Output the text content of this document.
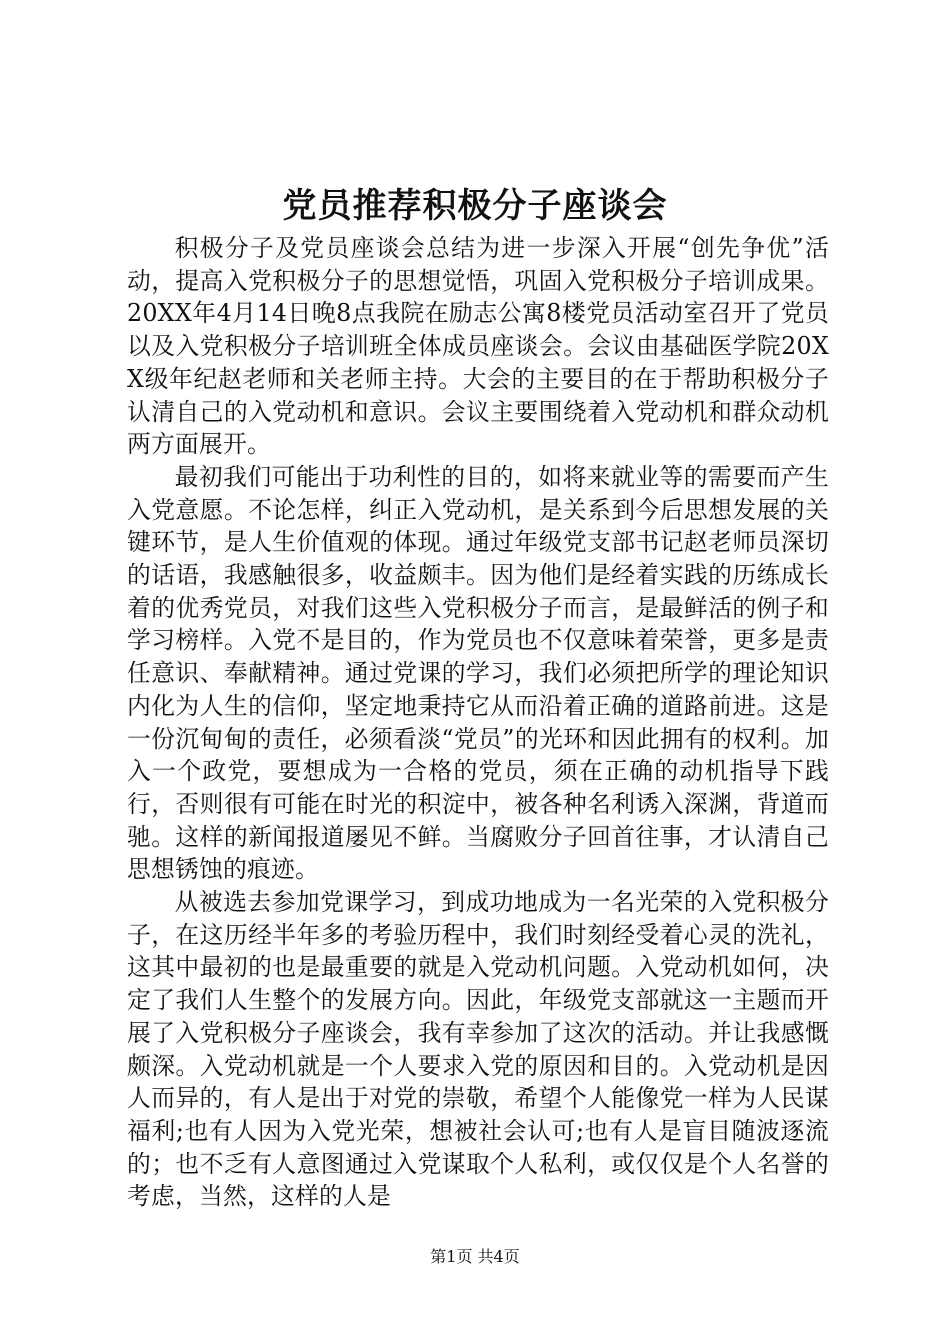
党员推荐积极分子座谈会

积极分子及党员座谈会总结为进一步深入开展“创先争优”活动，提高入党积极分子的思想觉悟，巩固入党积极分子培训成果。20XX年4月14日晚8点我院在励志公寓8楼党员活动室召开了党员以及入党积极分子培训班全体成员座谈会。会议由基础医学院20XX级年纪赵老师和关老师主持。大会的主要目的在于帮助积极分子认清自己的入党动机和意识。会议主要围绕着入党动机和群众动机两方面展开。

最初我们可能出于功利性的目的，如将来就业等的需要而产生入党意愿。不论怎样，纠正入党动机，是关系到今后思想发展的关键环节，是人生价值观的体现。通过年级党支部书记赵老师员深切的话语，我感触很多，收益颇丰。因为他们是经着实践的历练成长着的优秀党员，对我们这些入党积极分子而言，是最鲜活的例子和学习榜样。入党不是目的，作为党员也不仅意味着荣誉，更多是责任意识、奉献精神。通过党课的学习，我们必须把所学的理论知识内化为人生的信仰，坚定地秉持它从而沿着正确的道路前进。这是一份沉甸甸的责任，必须看淡“党员”的光环和因此拥有的权利。加入一个政党，要想成为一合格的党员，须在正确的动机指导下践行，否则很有可能在时光的积淀中，被各种名利诱入深渊，背道而驰。这样的新闻报道屡见不鲜。当腐败分子回首往事，才认清自己思想锈蚀的痕迹。

从被选去参加党课学习，到成功地成为一名光荣的入党积极分子，在这历经半年多的考验历程中，我们时刻经受着心灵的洗礼，这其中最初的也是最重要的就是入党动机问题。入党动机如何，决定了我们人生整个的发展方向。因此，年级党支部就这一主题而开展了入党积极分子座谈会，我有幸参加了这次的活动。并让我感慨颇深。入党动机就是一个人要求入党的原因和目的。入党动机是因人而异的，有人是出于对党的崇敬，希望个人能像党一样为人民谋福利;也有人因为入党光荣，想被社会认可;也有人是盲目随波逐流的；也不乏有人意图通过入党谋取个人私利，或仅仅是个人名誉的考虑，当然，这样的人是

第1页 共4页
